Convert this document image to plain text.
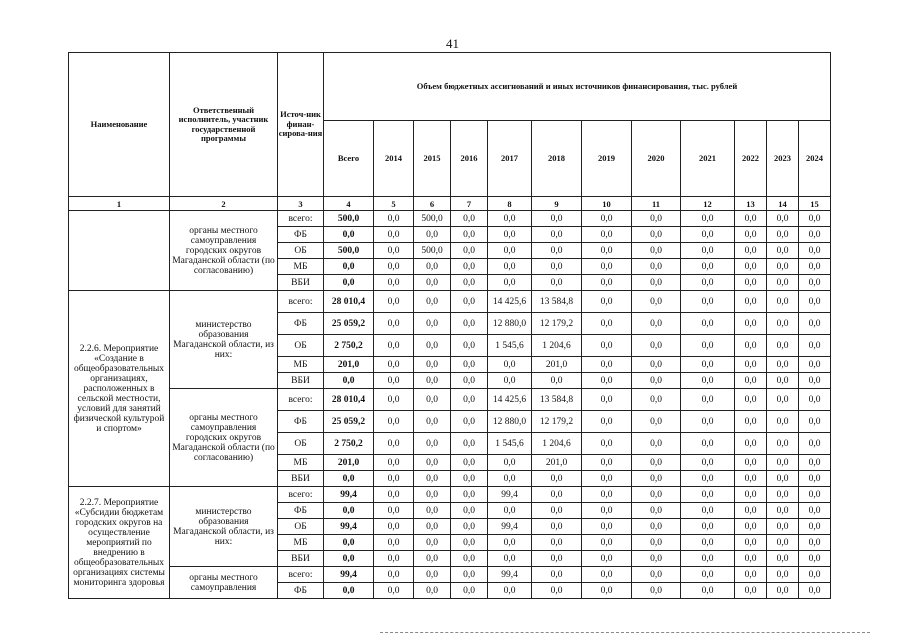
41
Наименование	Ответственный исполнитель, участник государственной программы	Источ-ник финан-сирова-ния	Объем бюджетных ассигнований и иных источников финансирования, тыс. рублей											
			Всего	2014	2015	2016	2017	2018	2019	2020	2021	2022	2023	2024
1	2	3	4	5	6	7	8	9	10	11	12	13	14	15
	органы местного самоуправления городских округов Магаданской области (по согласованию)	всего:	500,0	0,0	500,0	0,0	0,0	0,0	0,0	0,0	0,0	0,0	0,0	0,0
		ФБ	0,0	0,0	0,0	0,0	0,0	0,0	0,0	0,0	0,0	0,0	0,0	0,0
		ОБ	500,0	0,0	500,0	0,0	0,0	0,0	0,0	0,0	0,0	0,0	0,0	0,0
		МБ	0,0	0,0	0,0	0,0	0,0	0,0	0,0	0,0	0,0	0,0	0,0	0,0
		ВБИ	0,0	0,0	0,0	0,0	0,0	0,0	0,0	0,0	0,0	0,0	0,0	0,0
2.2.6. Мероприятие «Создание в общеобразовательных организациях, расположенных в сельской местности, условий для занятий физической культурой и спортом»	министерство образования Магаданской области, из них:	всего:	28 010,4	0,0	0,0	0,0	14 425,6	13 584,8	0,0	0,0	0,0	0,0	0,0	0,0
		ФБ	25 059,2	0,0	0,0	0,0	12 880,0	12 179,2	0,0	0,0	0,0	0,0	0,0	0,0
		ОБ	2 750,2	0,0	0,0	0,0	1 545,6	1 204,6	0,0	0,0	0,0	0,0	0,0	0,0
		МБ	201,0	0,0	0,0	0,0	0,0	201,0	0,0	0,0	0,0	0,0	0,0	0,0
		ВБИ	0,0	0,0	0,0	0,0	0,0	0,0	0,0	0,0	0,0	0,0	0,0	0,0
	органы местного самоуправления городских округов Магаданской области (по согласованию)	всего:	28 010,4	0,0	0,0	0,0	14 425,6	13 584,8	0,0	0,0	0,0	0,0	0,0	0,0
		ФБ	25 059,2	0,0	0,0	0,0	12 880,0	12 179,2	0,0	0,0	0,0	0,0	0,0	0,0
		ОБ	2 750,2	0,0	0,0	0,0	1 545,6	1 204,6	0,0	0,0	0,0	0,0	0,0	0,0
		МБ	201,0	0,0	0,0	0,0	0,0	201,0	0,0	0,0	0,0	0,0	0,0	0,0
		ВБИ	0,0	0,0	0,0	0,0	0,0	0,0	0,0	0,0	0,0	0,0	0,0	0,0
2.2.7. Мероприятие «Субсидии бюджетам городских округов на осуществление мероприятий по внедрению в общеобразовательных организациях системы мониторинга здоровья	министерство образования Магаданской области, из них:	всего:	99,4	0,0	0,0	0,0	99,4	0,0	0,0	0,0	0,0	0,0	0,0	0,0
		ФБ	0,0	0,0	0,0	0,0	0,0	0,0	0,0	0,0	0,0	0,0	0,0	0,0
		ОБ	99,4	0,0	0,0	0,0	99,4	0,0	0,0	0,0	0,0	0,0	0,0	0,0
		МБ	0,0	0,0	0,0	0,0	0,0	0,0	0,0	0,0	0,0	0,0	0,0	0,0
		ВБИ	0,0	0,0	0,0	0,0	0,0	0,0	0,0	0,0	0,0	0,0	0,0	0,0
	органы местного самоуправления	всего:	99,4	0,0	0,0	0,0	99,4	0,0	0,0	0,0	0,0	0,0	0,0	0,0
		ФБ	0,0	0,0	0,0	0,0	0,0	0,0	0,0	0,0	0,0	0,0	0,0	0,0
